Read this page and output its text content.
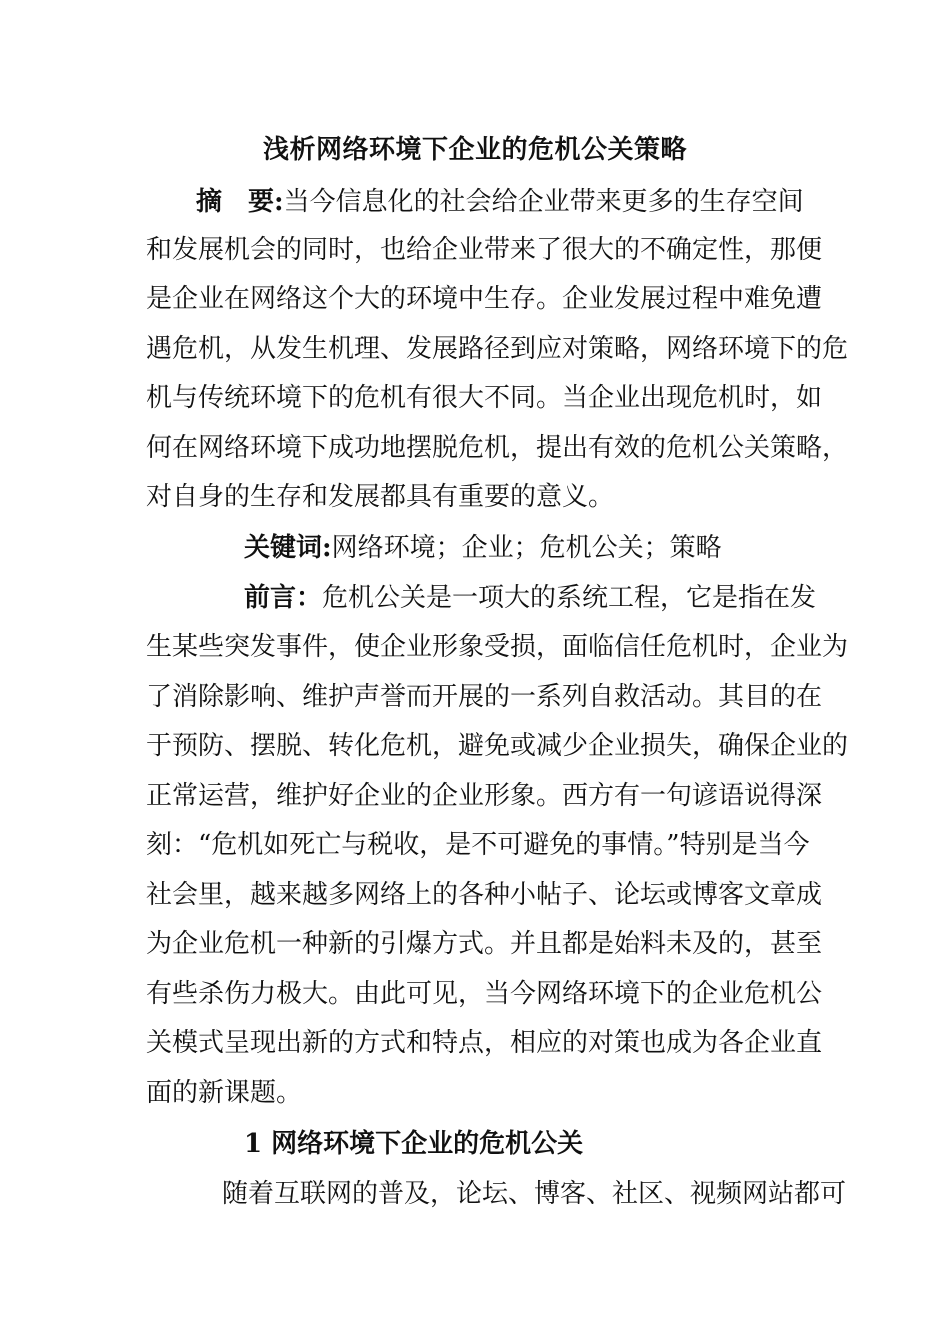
浅析网络环境下企业的危机公关策略
摘　要:当今信息化的社会给企业带来更多的生存空间
和发展机会的同时，也给企业带来了很大的不确定性，那便
是企业在网络这个大的环境中生存。企业发展过程中难免遭
遇危机，从发生机理、发展路径到应对策略，网络环境下的危
机与传统环境下的危机有很大不同。当企业出现危机时，如
何在网络环境下成功地摆脱危机，提出有效的危机公关策略，
对自身的生存和发展都具有重要的意义。
关键词:网络环境；企业；危机公关；策略
前言：危机公关是一项大的系统工程，它是指在发
生某些突发事件，使企业形象受损，面临信任危机时，企业为
了消除影响、维护声誉而开展的一系列自救活动。其目的在
于预防、摆脱、转化危机，避免或减少企业损失，确保企业的
正常运营，维护好企业的企业形象。西方有一句谚语说得深
刻：“危机如死亡与税收，是不可避免的事情。”特别是当今
社会里，越来越多网络上的各种小帖子、论坛或博客文章成
为企业危机一种新的引爆方式。并且都是始料未及的，甚至
有些杀伤力极大。由此可见，当今网络环境下的企业危机公
关模式呈现出新的方式和特点，相应的对策也成为各企业直
面的新课题。
1 网络环境下企业的危机公关
随着互联网的普及，论坛、博客、社区、视频网站都可
